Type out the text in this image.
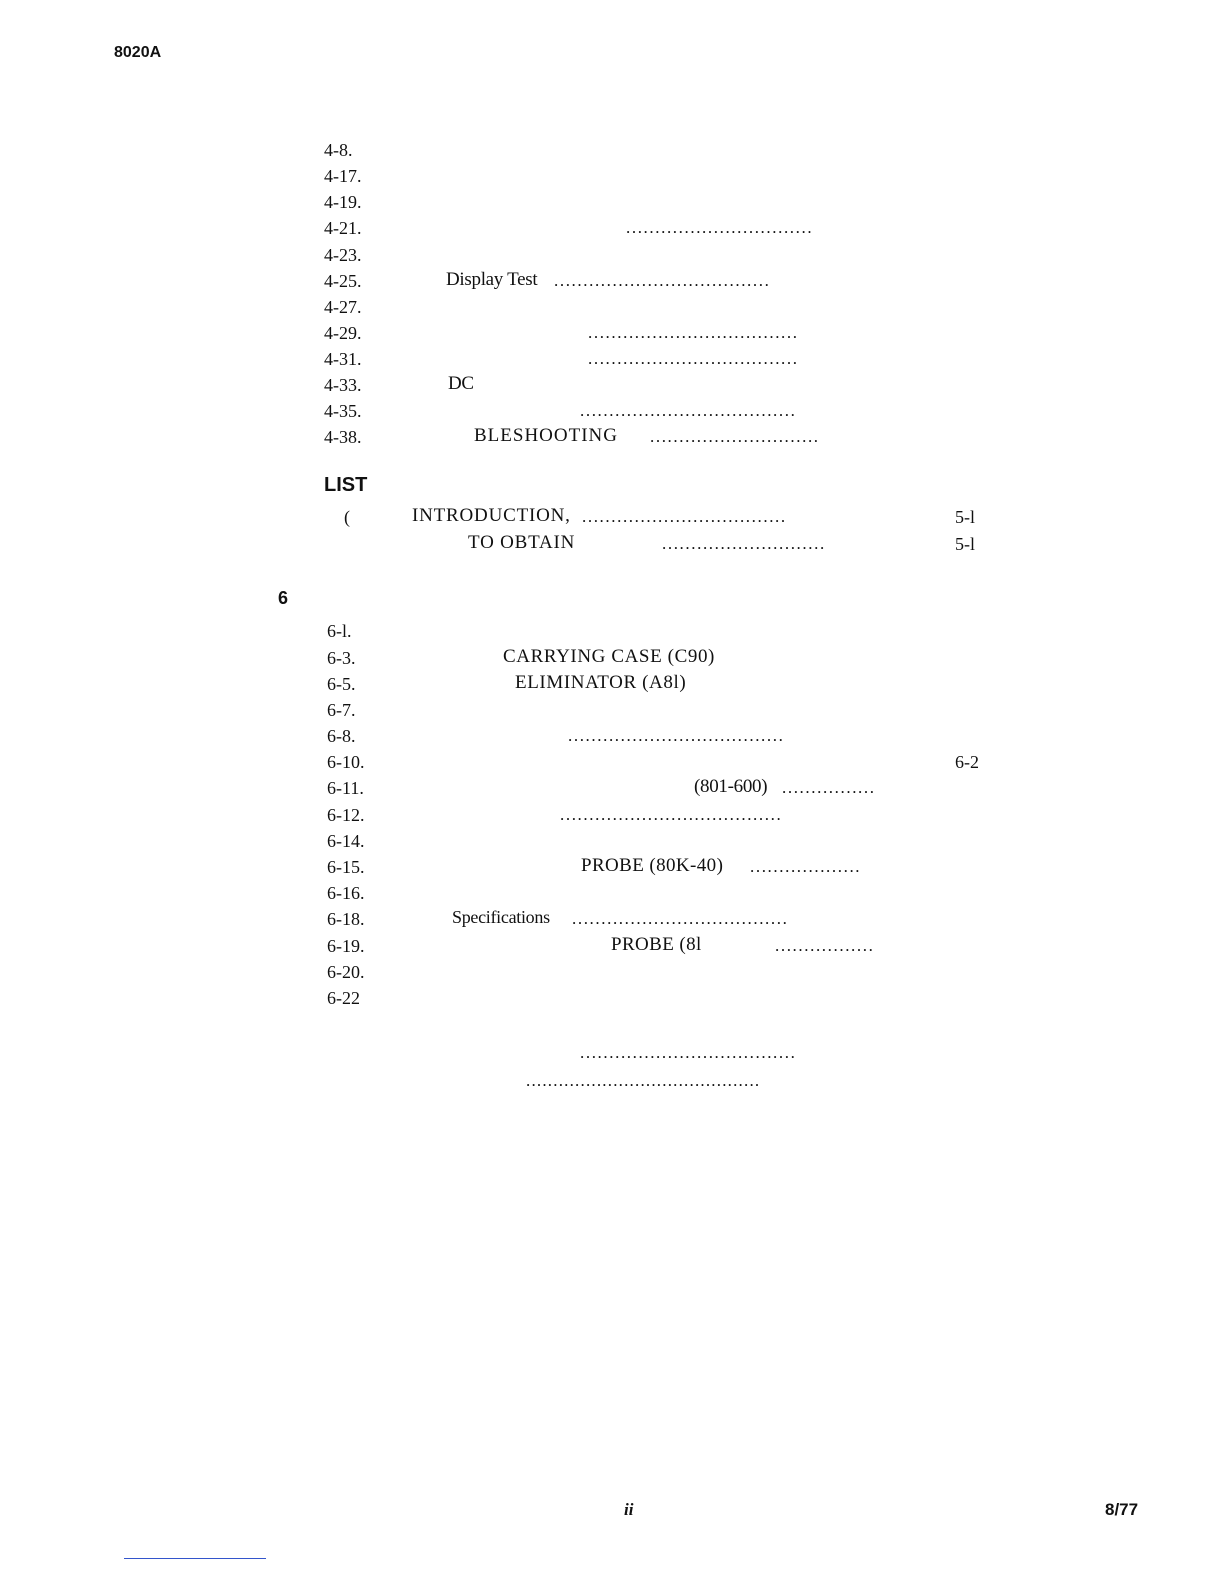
8020A
4-8.
4-17.
4-19.
4-21.	................................
4-23.
4-25.	Display Test .....................................
4-27.
4-29.	....................................
4-31.	....................................
4-33.	DC
4-35.	.....................................
4-38.	BLESHOOTING .............................
LIST
(	INTRODUCTION, ...................................	5-l
TO OBTAIN	............................	5-l
6
6-l.
6-3.	CARRYING CASE (C90)
6-5.	ELIMINATOR (A8l)
6-7.
6-8.	.....................................
6-10.	6-2
6-11.	(801-600) ................
6-12.	......................................
6-14.
6-15.	PROBE (80K-40) ...................
6-16.
6-18.	Specifications .....................................
6-19.	PROBE (8l	.................
6-20.
6-22
.....................................
...........................................
ii	8/77
